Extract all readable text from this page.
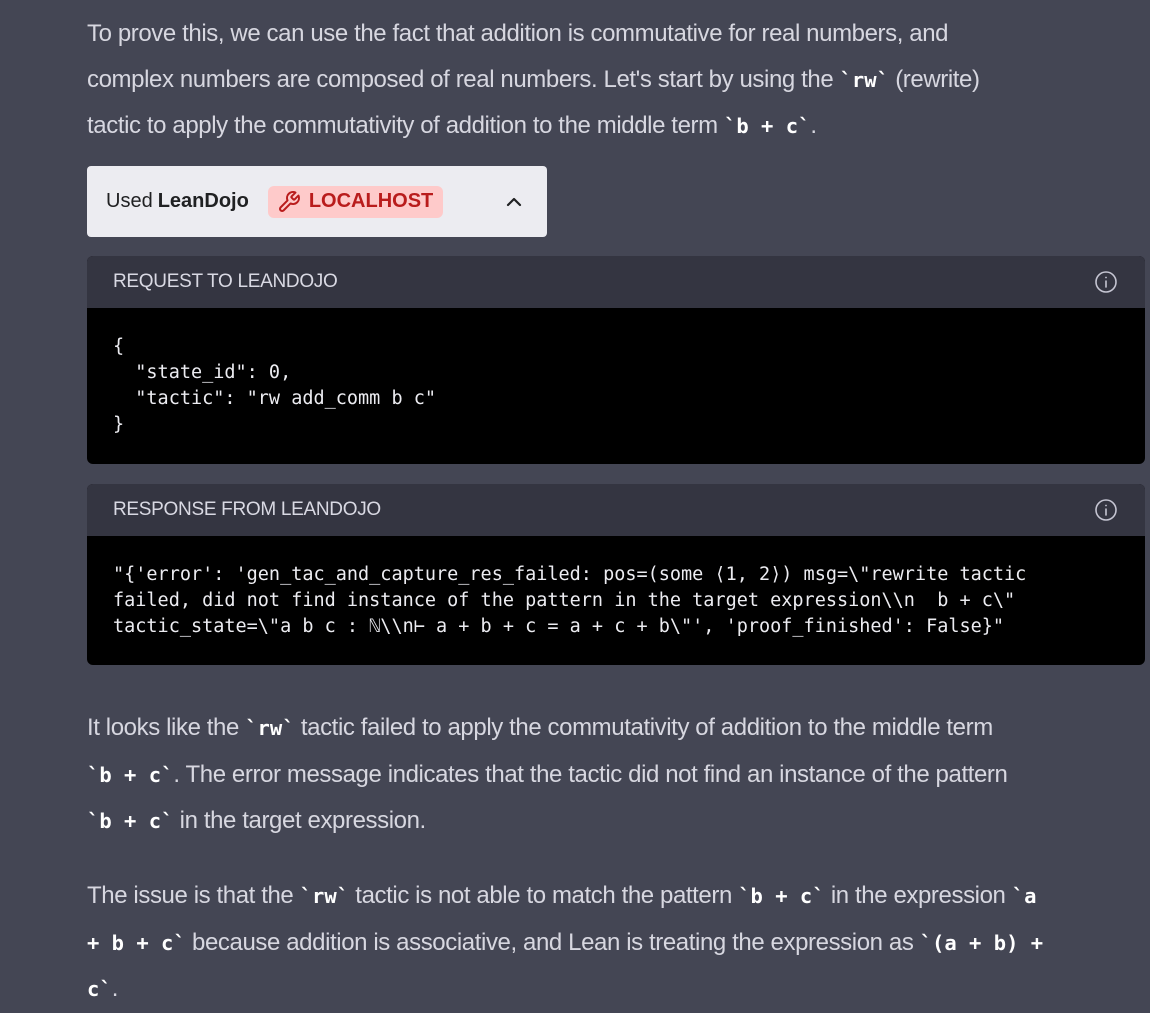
To prove this, we can use the fact that addition is commutative for real numbers, and
complex numbers are composed of real numbers. Let's start by using the `rw` (rewrite)
tactic to apply the commutativity of addition to the middle term `b + c`.

Used LeanDojo	LOCALHOST
REQUEST TO LEANDOJO
{
"state_id": 0,
"tactic": "rw add_comm b c"
}
RESPONSE FROM LEANDOJO
"{'error': 'gen_tac_and_capture_res_failed: pos=(some ⟨1, 2⟩) msg=\"rewrite tactic
failed, did not find instance of the pattern in the target expression\\n  b + c\"
tactic_state=\"a b c : ℕ\\n⊢ a + b + c = a + c + b\"', 'proof_finished': False}"

It looks like the `rw` tactic failed to apply the commutativity of addition to the middle term
`b + c`. The error message indicates that the tactic did not find an instance of the pattern
`b + c` in the target expression.

The issue is that the `rw` tactic is not able to match the pattern `b + c` in the expression `a
+ b + c` because addition is associative, and Lean is treating the expression as `(a + b) +
c`.
